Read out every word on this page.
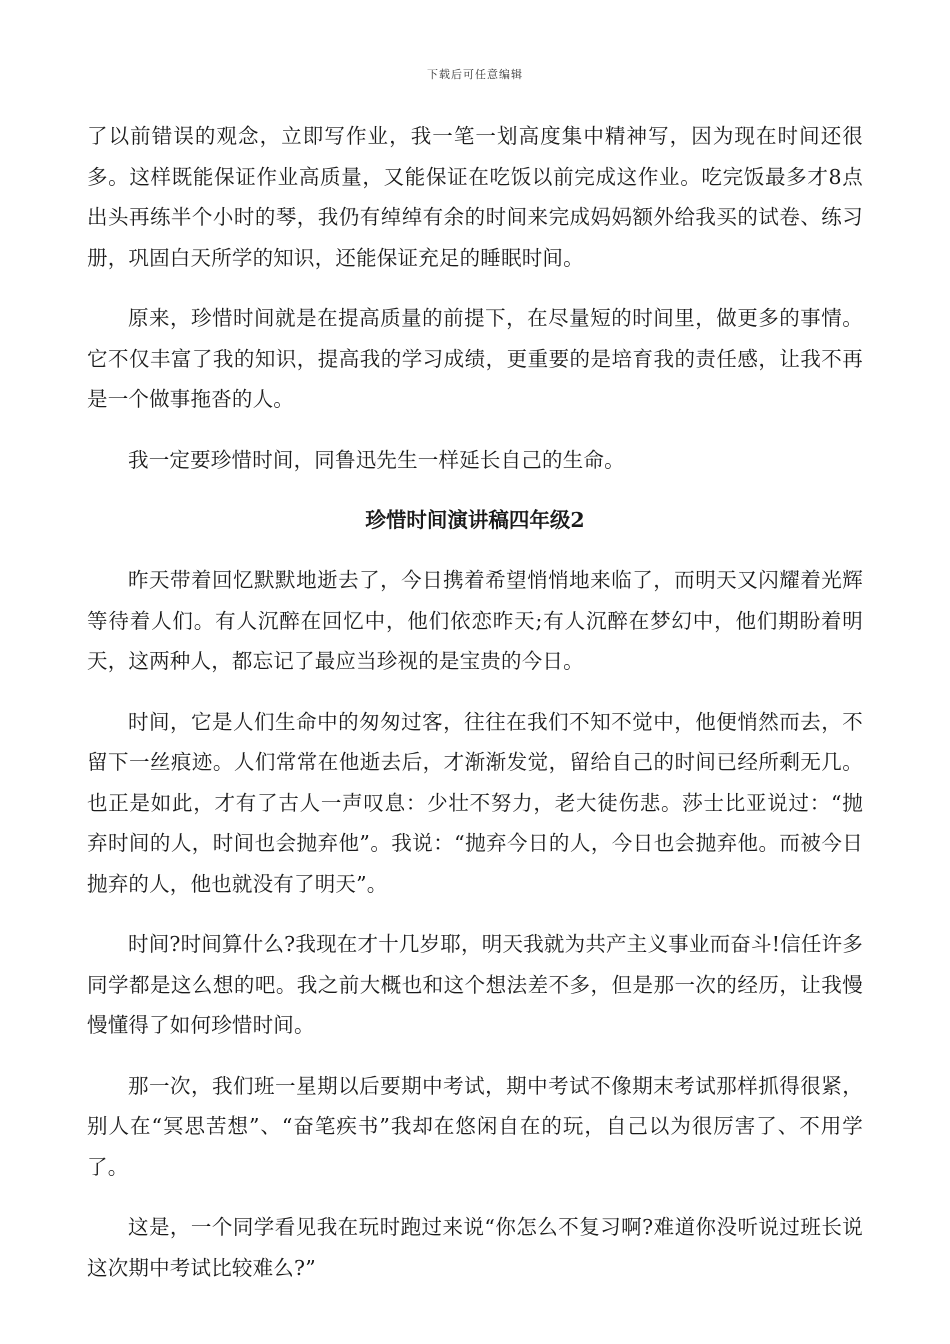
下载后可任意编辑

了以前错误的观念，立即写作业，我一笔一划高度集中精神写，因为现在时间还很多。这样既能保证作业高质量，又能保证在吃饭以前完成这作业。吃完饭最多才8点出头再练半个小时的琴，我仍有绰绰有余的时间来完成妈妈额外给我买的试卷、练习册，巩固白天所学的知识，还能保证充足的睡眠时间。

原来，珍惜时间就是在提高质量的前提下，在尽量短的时间里，做更多的事情。它不仅丰富了我的知识，提高我的学习成绩，更重要的是培育我的责任感，让我不再是一个做事拖沓的人。

我一定要珍惜时间，同鲁迅先生一样延长自己的生命。

珍惜时间演讲稿四年级2

昨天带着回忆默默地逝去了，今日携着希望悄悄地来临了，而明天又闪耀着光辉等待着人们。有人沉醉在回忆中，他们依恋昨天;有人沉醉在梦幻中，他们期盼着明天，这两种人，都忘记了最应当珍视的是宝贵的今日。

时间，它是人们生命中的匆匆过客，往往在我们不知不觉中，他便悄然而去，不留下一丝痕迹。人们常常在他逝去后，才渐渐发觉，留给自己的时间已经所剩无几。也正是如此，才有了古人一声叹息：少壮不努力，老大徒伤悲。莎士比亚说过：“抛弃时间的人，时间也会抛弃他”。我说：“抛弃今日的人，今日也会抛弃他。而被今日抛弃的人，他也就没有了明天”。

时间?时间算什么?我现在才十几岁耶，明天我就为共产主义事业而奋斗!信任许多同学都是这么想的吧。我之前大概也和这个想法差不多，但是那一次的经历，让我慢慢懂得了如何珍惜时间。

那一次，我们班一星期以后要期中考试，期中考试不像期末考试那样抓得很紧，别人在“冥思苦想”、“奋笔疾书”我却在悠闲自在的玩，自己以为很厉害了、不用学了。

这是，一个同学看见我在玩时跑过来说“你怎么不复习啊?难道你没听说过班长说这次期中考试比较难么?”
